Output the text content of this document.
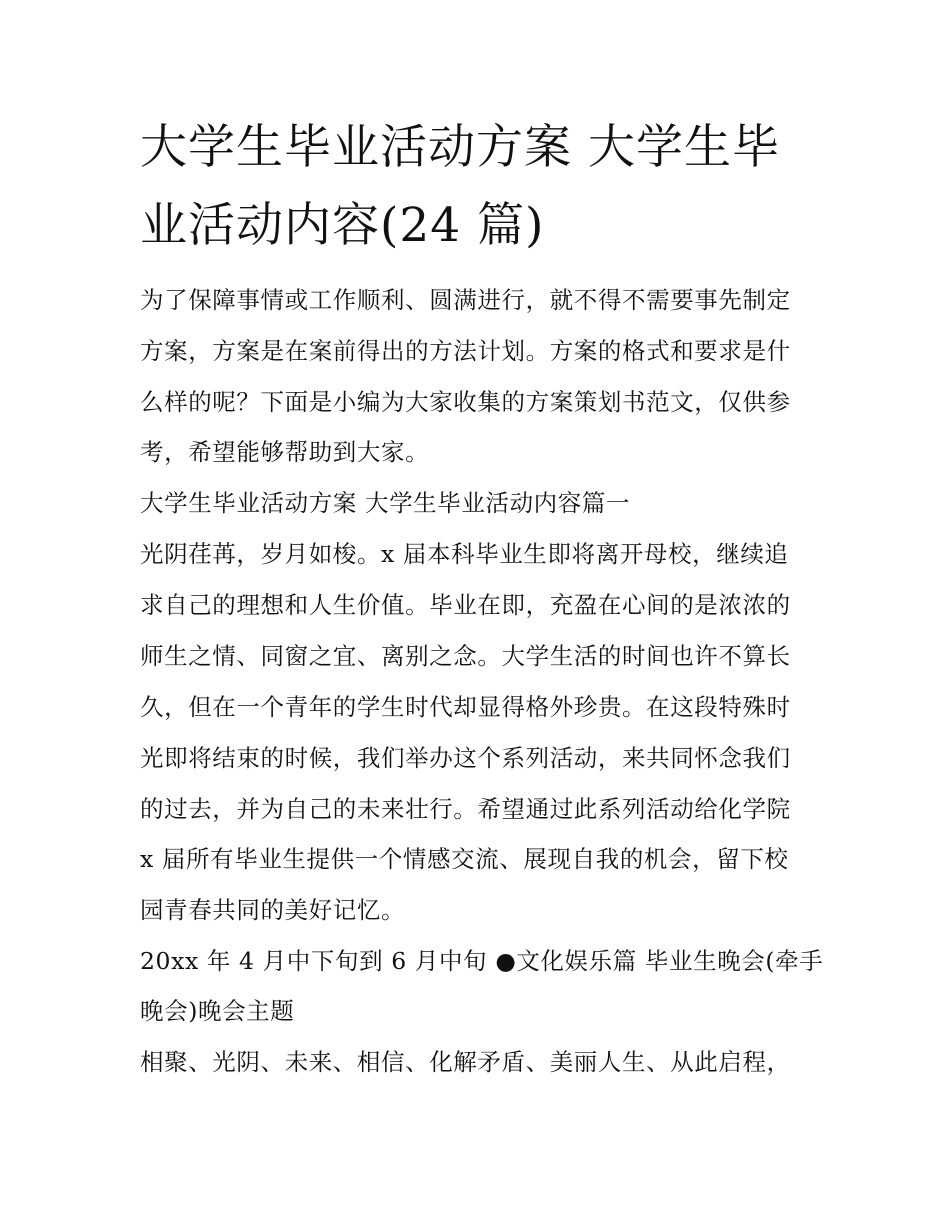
大学生毕业活动方案 大学生毕
业活动内容(24 篇)
为了保障事情或工作顺利、圆满进行，就不得不需要事先制定
方案，方案是在案前得出的方法计划。方案的格式和要求是什
么样的呢？下面是小编为大家收集的方案策划书范文，仅供参
考，希望能够帮助到大家。
大学生毕业活动方案 大学生毕业活动内容篇一
光阴荏苒，岁月如梭。x 届本科毕业生即将离开母校，继续追
求自己的理想和人生价值。毕业在即，充盈在心间的是浓浓的
师生之情、同窗之宜、离别之念。大学生活的时间也许不算长
久，但在一个青年的学生时代却显得格外珍贵。在这段特殊时
光即将结束的时候，我们举办这个系列活动，来共同怀念我们
的过去，并为自己的未来壮行。希望通过此系列活动给化学院
x 届所有毕业生提供一个情感交流、展现自我的机会，留下校
园青春共同的美好记忆。
20xx 年 4 月中下旬到 6 月中旬 ●文化娱乐篇 毕业生晚会(牵手
晚会)晚会主题
相聚、光阴、未来、相信、化解矛盾、美丽人生、从此启程，
